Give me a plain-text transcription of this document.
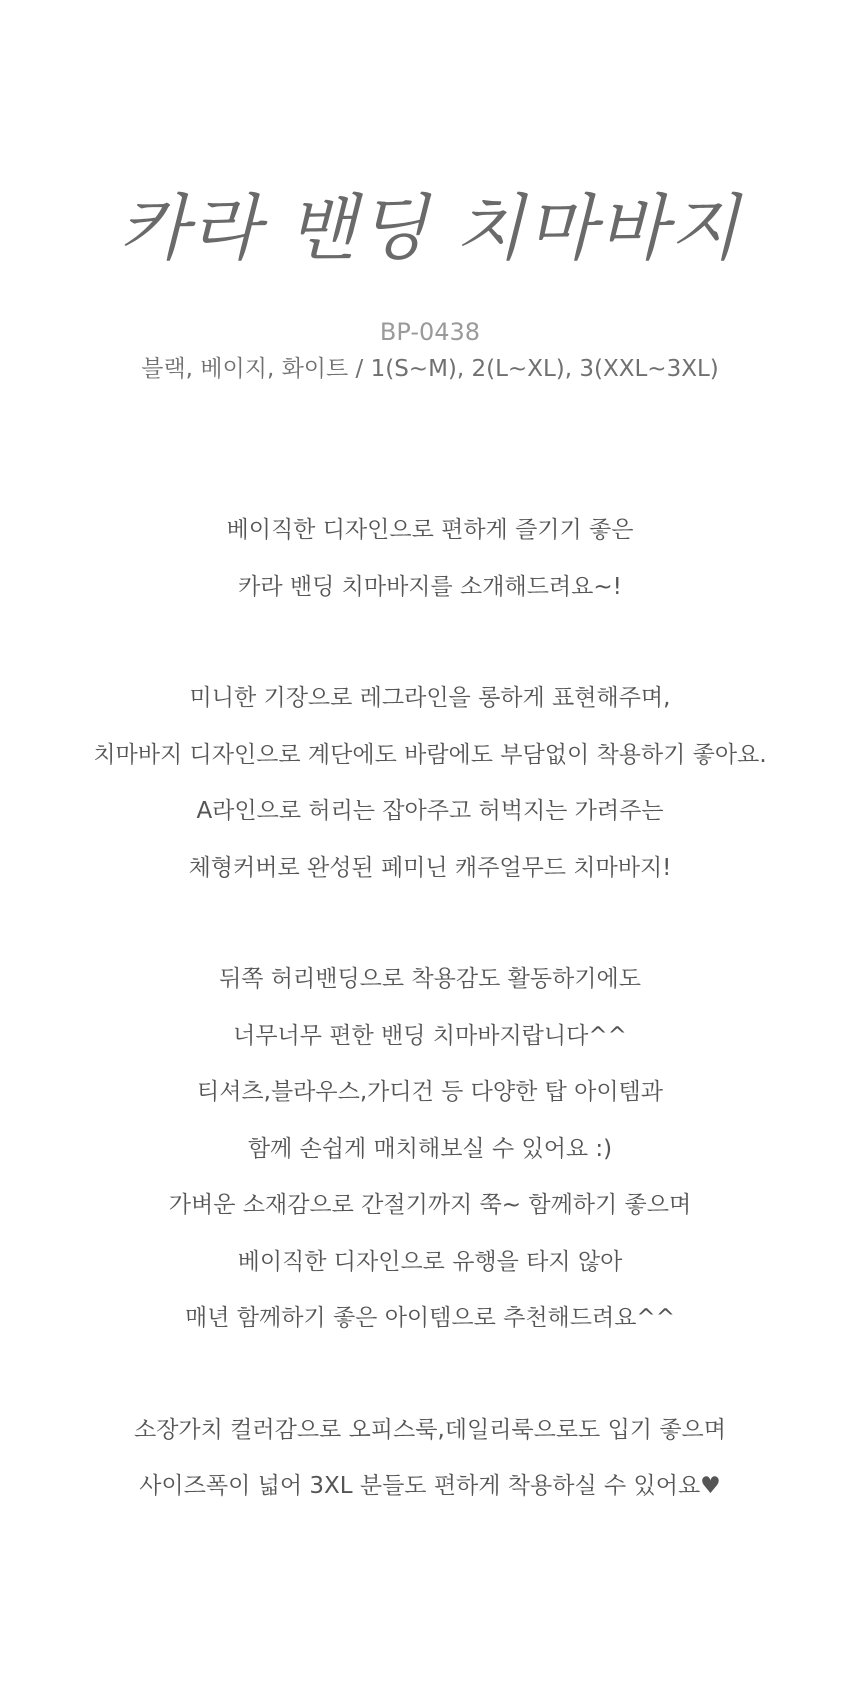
카라 밴딩 치마바지
BP-0438
블랙, 베이지, 화이트 / 1(S~M), 2(L~XL), 3(XXL~3XL)
베이직한 디자인으로 편하게 즐기기 좋은
카라 밴딩 치마바지를 소개해드려요~!
미니한 기장으로 레그라인을 롱하게 표현해주며,
치마바지 디자인으로 계단에도 바람에도 부담없이 착용하기 좋아요.
A라인으로 허리는 잡아주고 허벅지는 가려주는
체형커버로 완성된 페미닌 캐주얼무드 치마바지!
뒤쪽 허리밴딩으로 착용감도 활동하기에도
너무너무 편한 밴딩 치마바지랍니다^^
티셔츠,블라우스,가디건 등 다양한 탑 아이템과
함께 손쉽게 매치해보실 수 있어요 :)
가벼운 소재감으로 간절기까지 쭉~ 함께하기 좋으며
베이직한 디자인으로 유행을 타지 않아
매년 함께하기 좋은 아이템으로 추천해드려요^^
소장가치 컬러감으로 오피스룩,데일리룩으로도 입기 좋으며
사이즈폭이 넓어 3XL 분들도 편하게 착용하실 수 있어요♥
